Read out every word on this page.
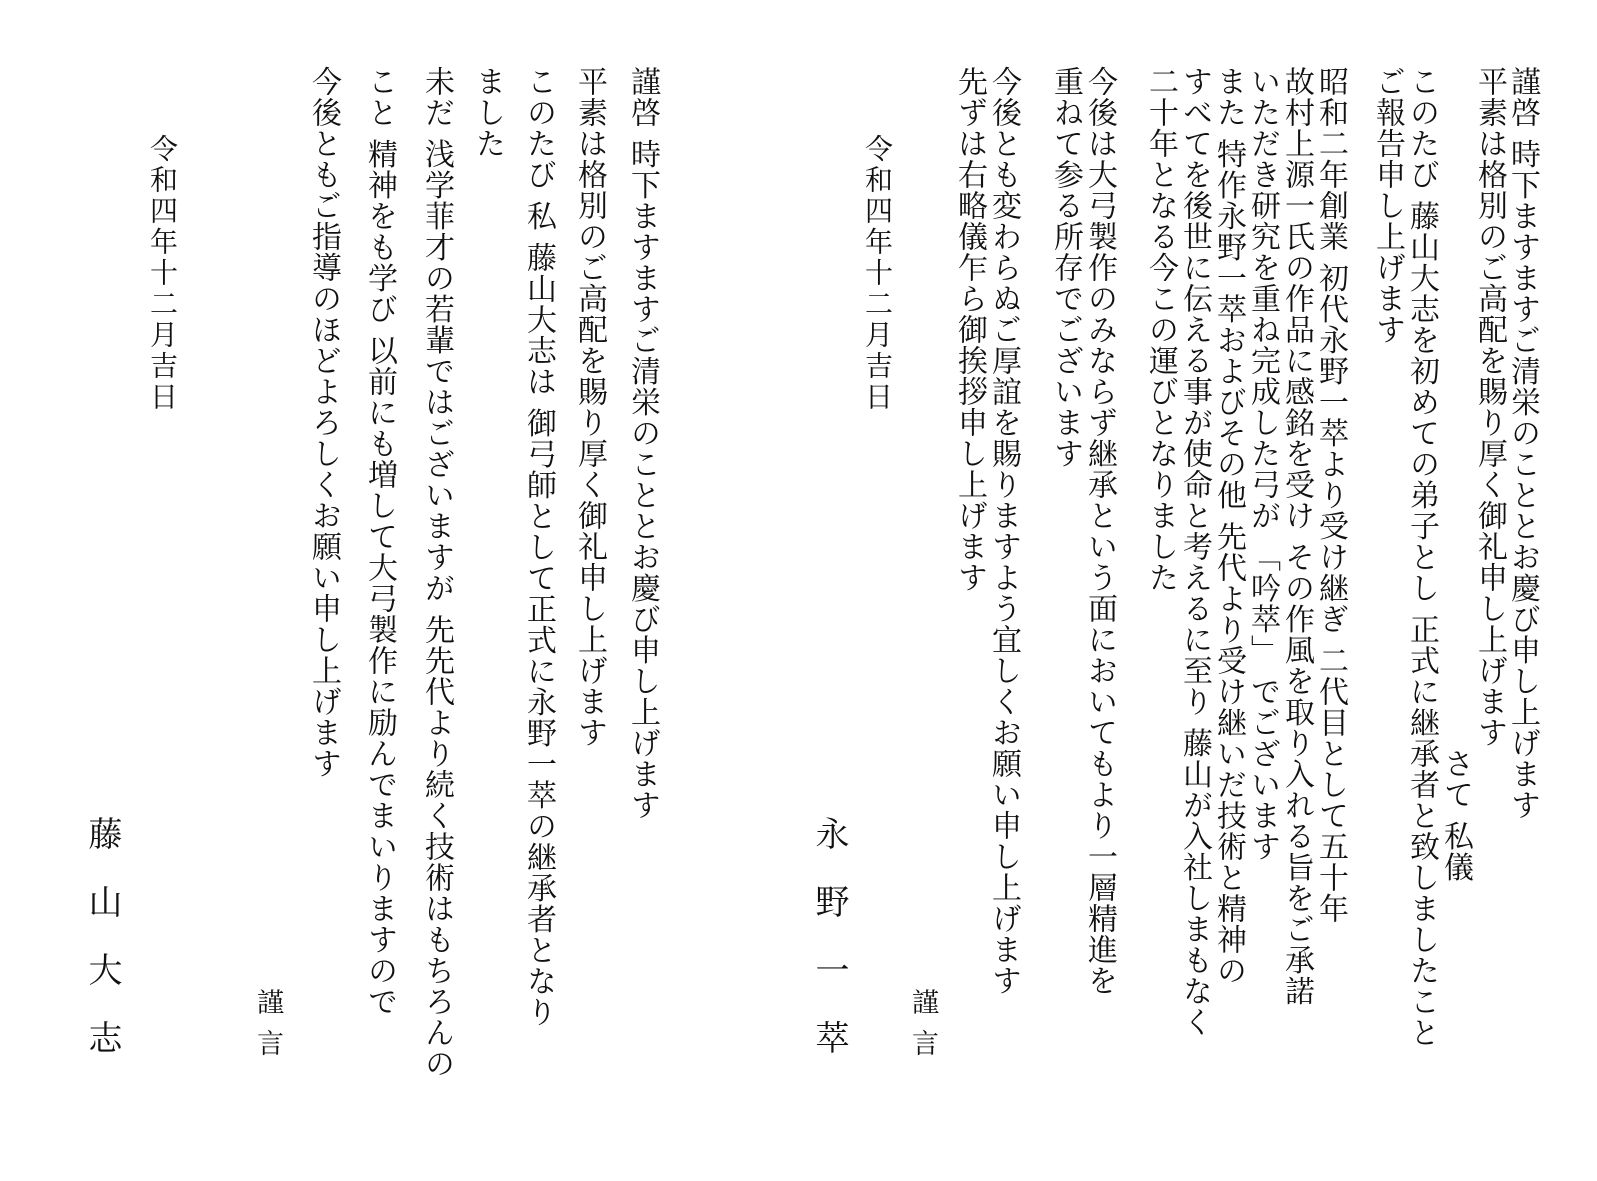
謹啓 時下ますますご清栄のこととお慶び申し上げます
平素は格別のご高配を賜り厚く御礼申し上げます
　　　　　　　　　　　　　　　　　　　　　　さて 私儀
このたび 藤山大志を初めての弟子とし 正式に継承者と致しましたこと
ご報告申し上げます
昭和二年創業 初代永野一萃より受け継ぎ 二代目として五十年
故村上源一氏の作品に感銘を受け その作風を取り入れる旨をご承諾
いただき研究を重ね完成した弓が 「吟萃」 でございます
また 特作永野一萃およびその他 先代より受け継いだ技術と精神の
すべてを後世に伝える事が使命と考えるに至り 藤山が入社しまもなく
二十年となる今この運びとなりました
今後は大弓製作のみならず継承という面においてもより一層精進を
重ねて参る所存でございます
今後とも変わらぬご厚誼を賜りますよう宜しくお願い申し上げます
先ずは右略儀乍ら御挨拶申し上げます
令和四年十二月吉日
謹言
永野一萃
謹啓 時下ますますご清栄のこととお慶び申し上げます
平素は格別のご高配を賜り厚く御礼申し上げます
このたび 私 藤山大志は 御弓師として正式に永野一萃の継承者となり
ました
未だ 浅学菲才の若輩ではございますが 先先代より続く技術はもちろんの
こと 精神をも学び 以前にも増して大弓製作に励んでまいりますので
今後ともご指導のほどよろしくお願い申し上げます
令和四年十二月吉日
謹言
藤山大志
